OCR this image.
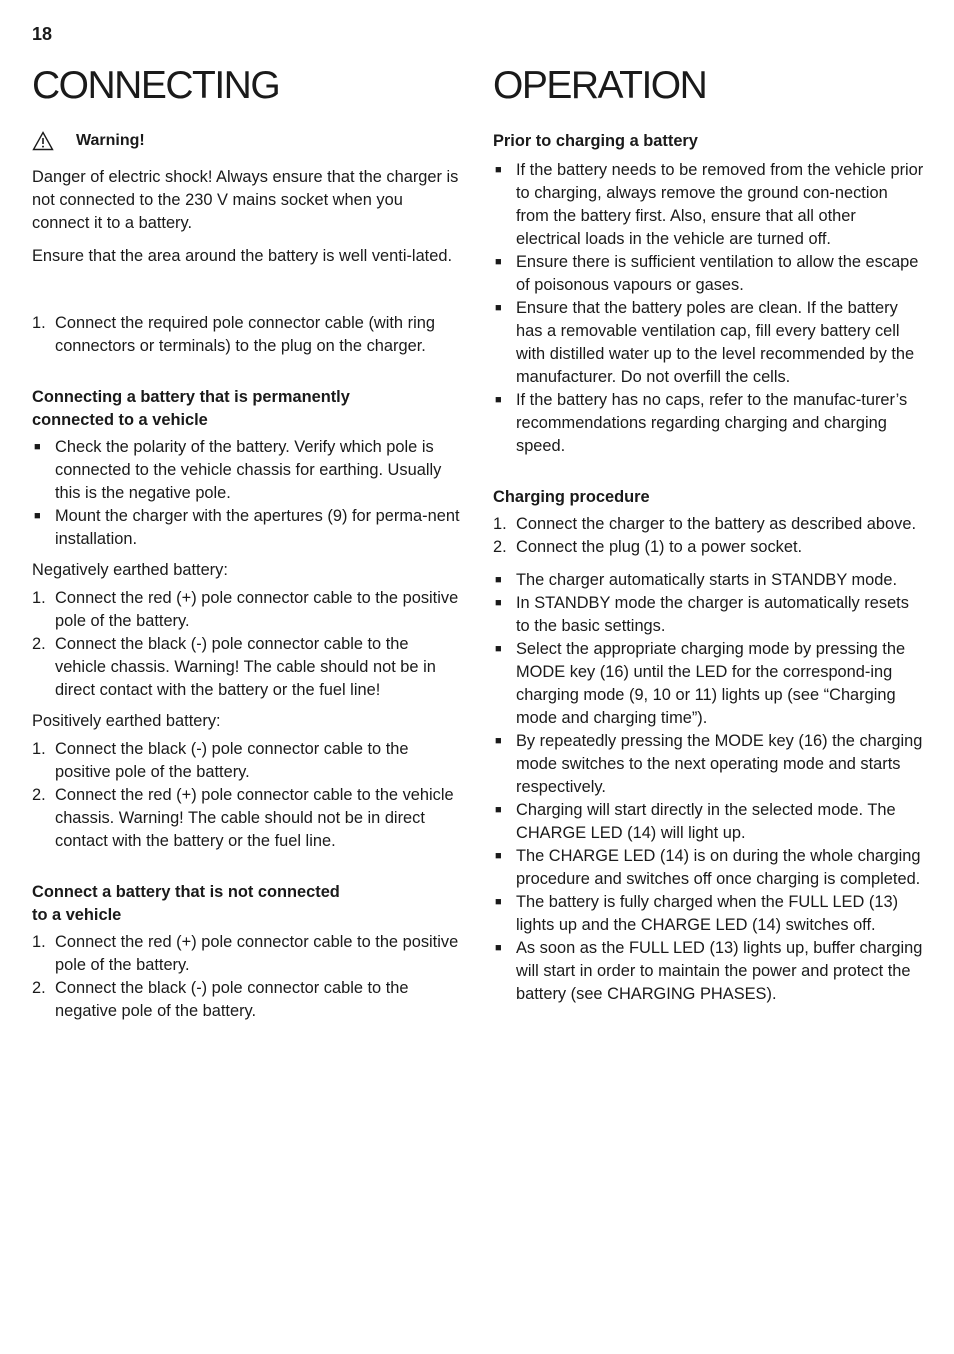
18
CONNECTING
Warning!

Danger of electric shock! Always ensure that the charger is not connected to the 230 V mains socket when you connect it to a battery.

Ensure that the area around the battery is well venti-lated.

1. Connect the required pole connector cable (with ring connectors or terminals) to the plug on the charger.
Connecting a battery that is permanently
connected to a vehicle
■ Check the polarity of the battery. Verify which pole is connected to the vehicle chassis for earthing. Usually this is the negative pole.
■ Mount the charger with the apertures (9) for perma-nent installation.

Negatively earthed battery:

1. Connect the red (+) pole connector cable to the positive pole of the battery.
2. Connect the black (-) pole connector cable to the vehicle chassis. Warning! The cable should not be in direct contact with the battery or the fuel line!

Positively earthed battery:

1. Connect the black (-) pole connector cable to the positive pole of the battery.
2. Connect the red (+) pole connector cable to the vehicle chassis. Warning! The cable should not be in direct contact with the battery or the fuel line.
Connect a battery that is not connected
to a vehicle
1. Connect the red (+) pole connector cable to the positive pole of the battery.
2. Connect the black (-) pole connector cable to the negative pole of the battery.
OPERATION
Prior to charging a battery
■ If the battery needs to be removed from the vehicle prior to charging, always remove the ground con-nection from the battery first. Also, ensure that all other electrical loads in the vehicle are turned off.
■ Ensure there is sufficient ventilation to allow the escape of poisonous vapours or gases.
■ Ensure that the battery poles are clean. If the battery has a removable ventilation cap, fill every battery cell with distilled water up to the level recommended by the manufacturer. Do not overfill the cells.
■ If the battery has no caps, refer to the manufac-turer’s recommendations regarding charging and charging speed.
Charging procedure
1. Connect the charger to the battery as described above.
2. Connect the plug (1) to a power socket.
■ The charger automatically starts in STANDBY mode.
■ In STANDBY mode the charger is automatically resets to the basic settings.
■ Select the appropriate charging mode by pressing the MODE key (16) until the LED for the correspond-ing charging mode (9, 10 or 11) lights up (see “Charging mode and charging time”).
■ By repeatedly pressing the MODE key (16) the charging mode switches to the next operating mode and starts respectively.
■ Charging will start directly in the selected mode. The CHARGE LED (14) will light up.
■ The CHARGE LED (14) is on during the whole charging procedure and switches off once charging is completed.
■ The battery is fully charged when the FULL LED (13) lights up and the CHARGE LED (14) switches off.
■ As soon as the FULL LED (13) lights up, buffer charging will start in order to maintain the power and protect the battery (see CHARGING PHASES).
